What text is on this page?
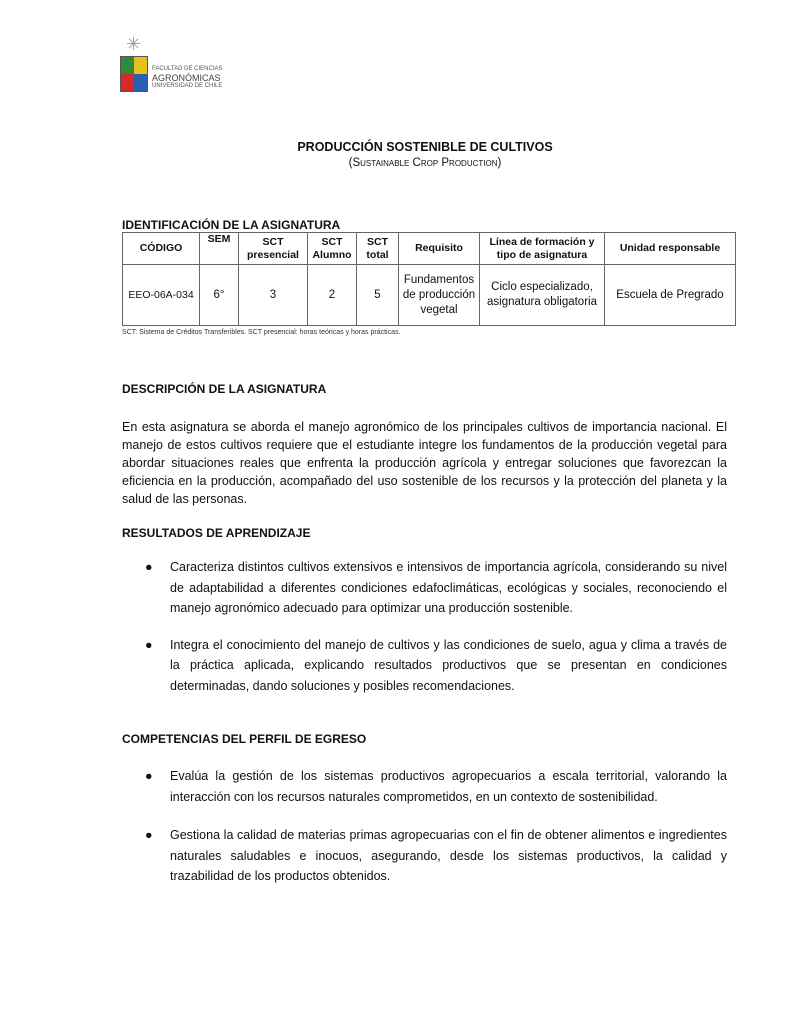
✳
FACULTAD DE CIENCIAS
AGRONÓMICAS
UNIVERSIDAD DE CHILE
PRODUCCIÓN SOSTENIBLE DE CULTIVOS
(Sustainable Crop Production)
IDENTIFICACIÓN DE LA ASIGNATURA
CÓDIGO	SEM	SCT presencial	SCT Alumno	SCT total	Requisito	Línea de formación y tipo de asignatura	Unidad responsable
EEO-06A-034	6°	3	2	5	Fundamentos de producción vegetal	Ciclo especializado, asignatura obligatoria	Escuela de Pregrado
SCT: Sistema de Créditos Transferibles. SCT presencial: horas teóricas y horas prácticas.
DESCRIPCIÓN DE LA ASIGNATURA
En esta asignatura se aborda el manejo agronómico de los principales cultivos de importancia nacional. El manejo de estos cultivos requiere que el estudiante integre los fundamentos de la producción vegetal para abordar situaciones reales que enfrenta la producción agrícola y entregar soluciones que favorezcan la eficiencia en la producción, acompañado del uso sostenible de los recursos y la protección del planeta y la salud de las personas.
RESULTADOS DE APRENDIZAJE
● Caracteriza distintos cultivos extensivos e intensivos de importancia agrícola, considerando su nivel de adaptabilidad a diferentes condiciones edafoclimáticas, ecológicas y sociales, reconociendo el manejo agronómico adecuado para optimizar una producción sostenible.
● Integra el conocimiento del manejo de cultivos y las condiciones de suelo, agua y clima a través de la práctica aplicada, explicando resultados productivos que se presentan en condiciones determinadas, dando soluciones y posibles recomendaciones.
COMPETENCIAS DEL PERFIL DE EGRESO
● Evalúa la gestión de los sistemas productivos agropecuarios a escala territorial, valorando la interacción con los recursos naturales comprometidos, en un contexto de sostenibilidad.
● Gestiona la calidad de materias primas agropecuarias con el fin de obtener alimentos e ingredientes naturales saludables e inocuos, asegurando, desde los sistemas productivos, la calidad y trazabilidad de los productos obtenidos.
